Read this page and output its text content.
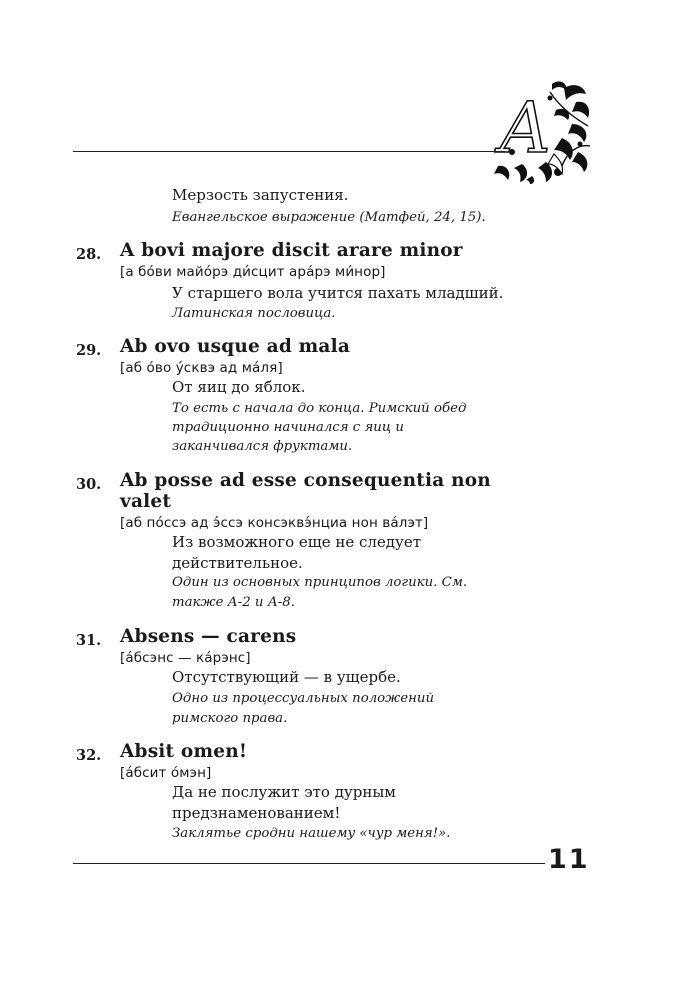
A
Мерзость запустения.
Евангельское выражение (Матфей, 24, 15).
28. A bovi majore discit arare minor
[а бо́ви майо́рэ ди́сцит ара́рэ ми́нор]
У старшего вола учится пахать младший.
Латинская пословица.
29. Ab ovo usque ad mala
[аб о́во у́сквэ ад ма́ля]
От яиц до яблок.
То есть с начала до конца. Римский обед
традиционно начинался с яиц и
заканчивался фруктами.
30. Ab posse ad esse consequentia non
valet
[аб по́ссэ ад э́ссэ консэквэ́нциа нон ва́лэт]
Из возможного еще не следует
действительное.
Один из основных принципов логики. См.
также А-2 и А-8.
31. Absens — carens
[а́бсэнс — ка́рэнс]
Отсутствующий — в ущербе.
Одно из процессуальных положений
римского права.
32. Absit omen!
[а́бсит о́мэн]
Да не послужит это дурным
предзнаменованием!
Заклятье сродни нашему «чур меня!».
11
